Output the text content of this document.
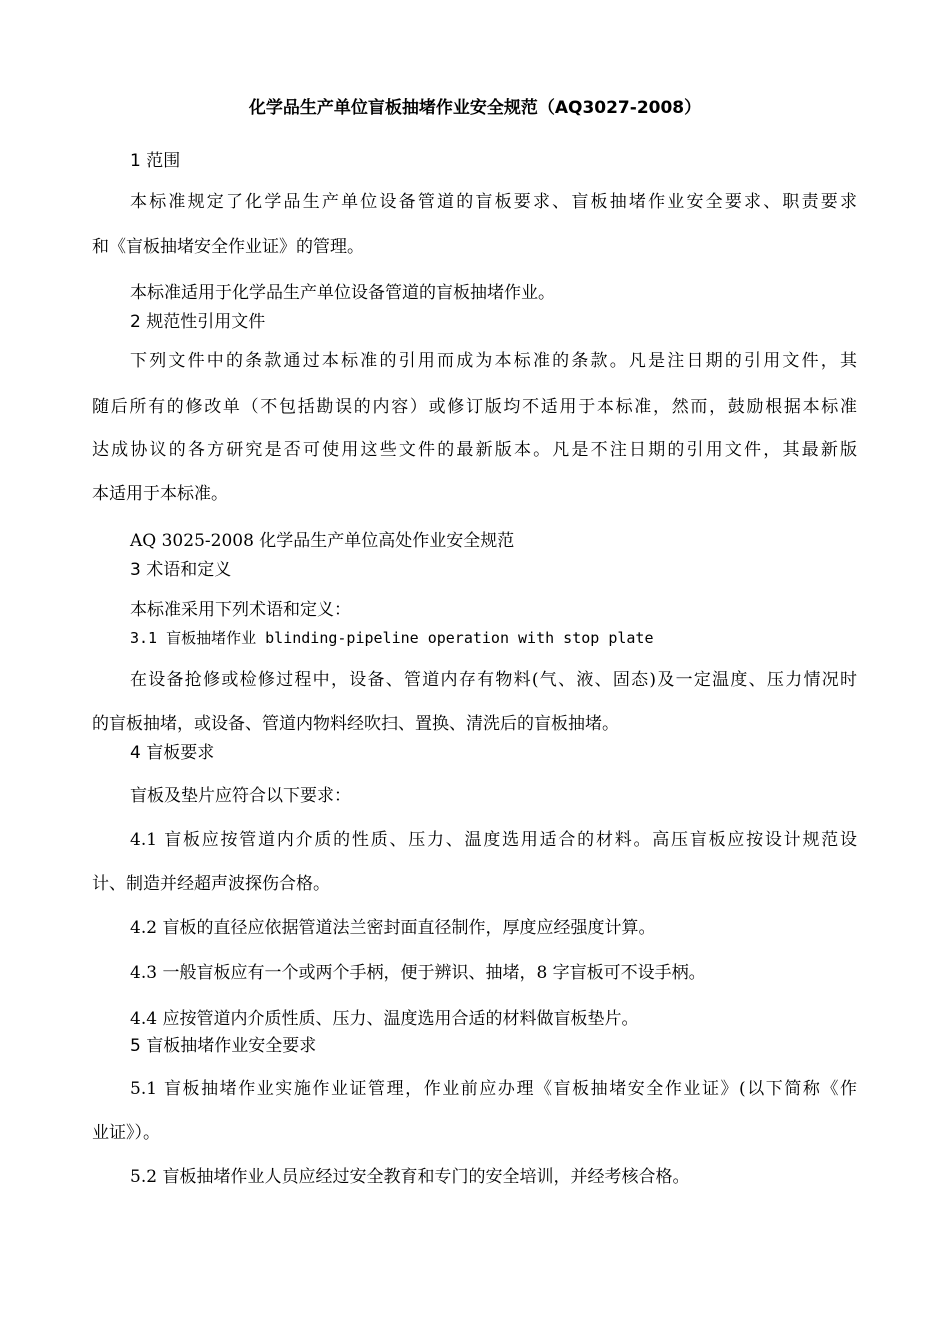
化学品生产单位盲板抽堵作业安全规范（AQ3027-2008）
1 范围
本标准规定了化学品生产单位设备管道的盲板要求、盲板抽堵作业安全要求、职责要求
和《盲板抽堵安全作业证》的管理。
本标准适用于化学品生产单位设备管道的盲板抽堵作业。
2 规范性引用文件
下列文件中的条款通过本标准的引用而成为本标准的条款。凡是注日期的引用文件，其
随后所有的修改单（不包括勘误的内容）或修订版均不适用于本标准，然而，鼓励根据本标准
达成协议的各方研究是否可使用这些文件的最新版本。凡是不注日期的引用文件，其最新版
本适用于本标准。
AQ 3025-2008 化学品生产单位高处作业安全规范
3 术语和定义
本标准采用下列术语和定义：
3.1 盲板抽堵作业 blinding-pipeline operation with stop plate
在设备抢修或检修过程中，设备、管道内存有物料(气、液、固态)及一定温度、压力情况时
的盲板抽堵，或设备、管道内物料经吹扫、置换、清洗后的盲板抽堵。
4 盲板要求
盲板及垫片应符合以下要求：
4.1 盲板应按管道内介质的性质、压力、温度选用适合的材料。高压盲板应按设计规范设
计、制造并经超声波探伤合格。
4.2 盲板的直径应依据管道法兰密封面直径制作，厚度应经强度计算。
4.3 一般盲板应有一个或两个手柄，便于辨识、抽堵，8 字盲板可不设手柄。
4.4 应按管道内介质性质、压力、温度选用合适的材料做盲板垫片。
5 盲板抽堵作业安全要求
5.1 盲板抽堵作业实施作业证管理，作业前应办理《盲板抽堵安全作业证》(以下简称《作
业证》）。
5.2 盲板抽堵作业人员应经过安全教育和专门的安全培训，并经考核合格。
